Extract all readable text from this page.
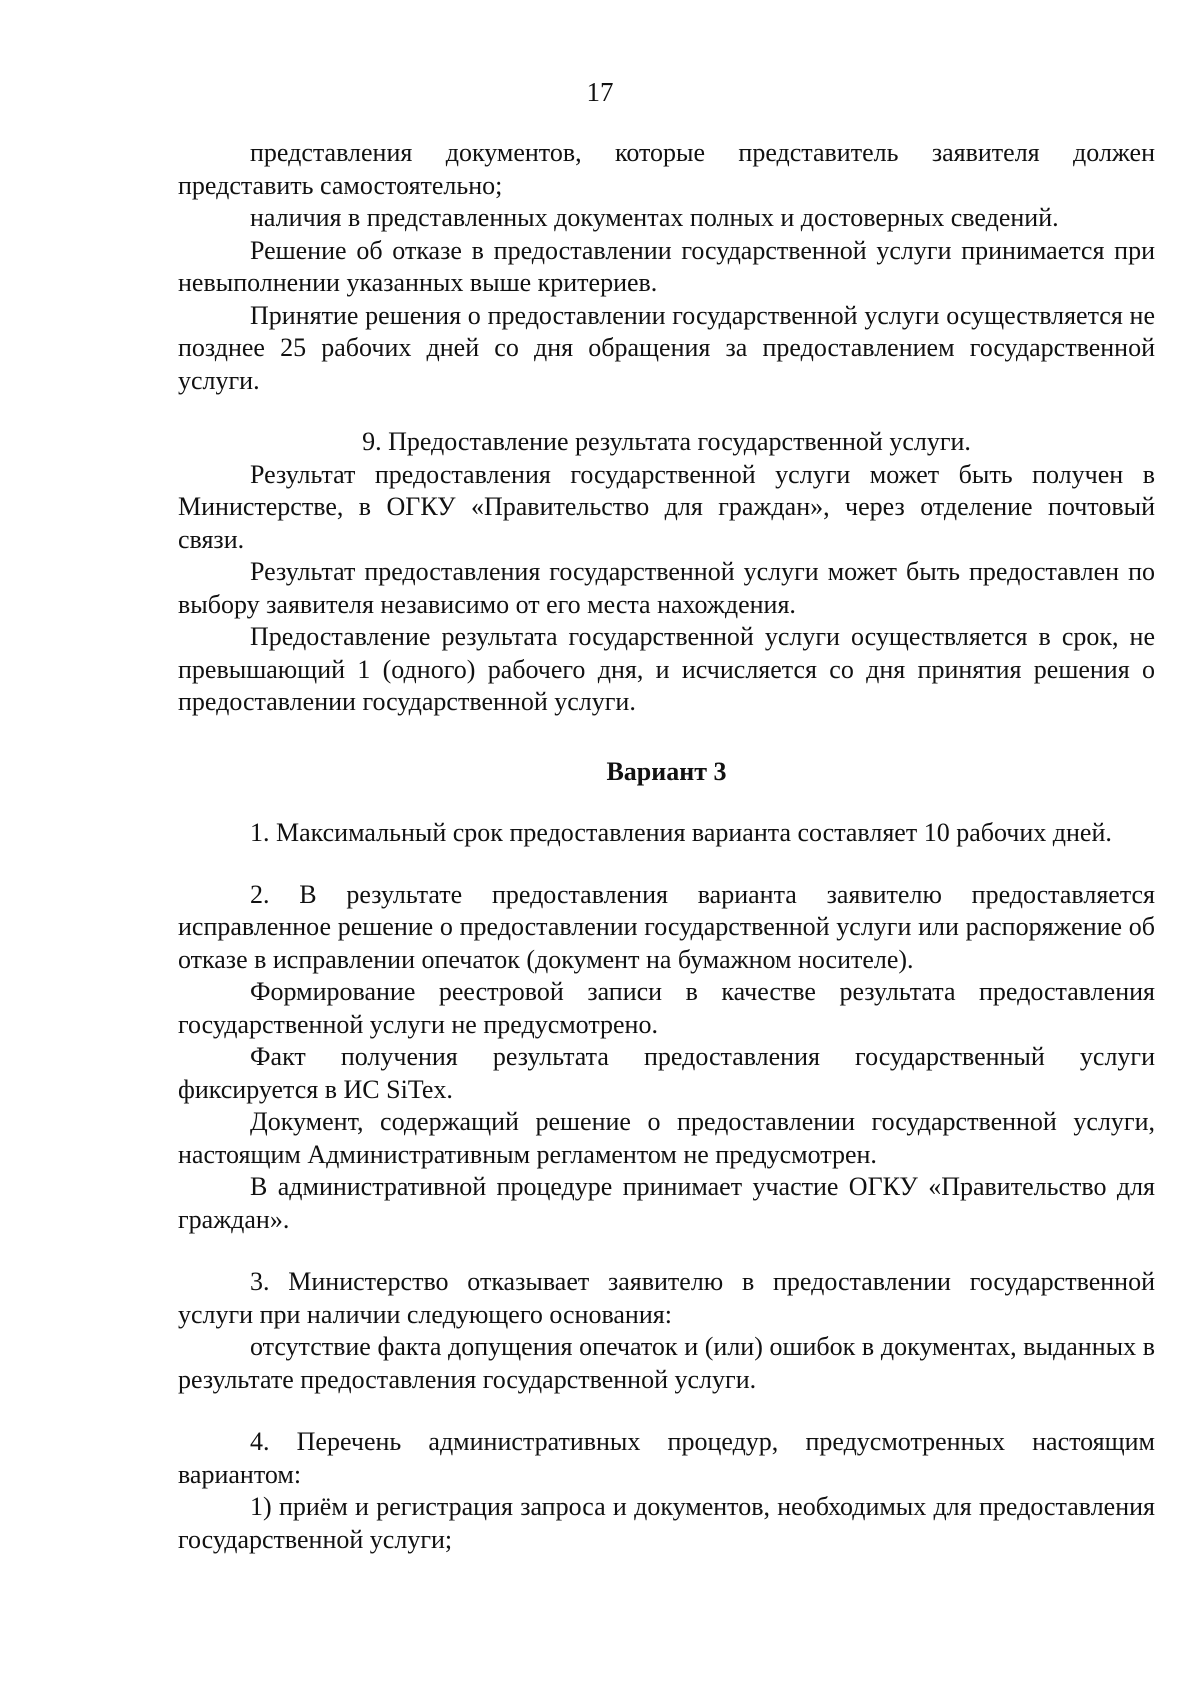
17

представления документов, которые представитель заявителя должен представить самостоятельно;

наличия в представленных документах полных и достоверных сведений.

Решение об отказе в предоставлении государственной услуги принимается при невыполнении указанных выше критериев.

Принятие решения о предоставлении государственной услуги осуществляется не позднее 25 рабочих дней со дня обращения за предоставлением государственной услуги.

9. Предоставление результата государственной услуги.

Результат предоставления государственной услуги может быть получен в Министерстве, в ОГКУ «Правительство для граждан», через отделение почтовый связи.

Результат предоставления государственной услуги может быть предоставлен по выбору заявителя независимо от его места нахождения.

Предоставление результата государственной услуги осуществляется в срок, не превышающий 1 (одного) рабочего дня, и исчисляется со дня принятия решения о предоставлении государственной услуги.

Вариант 3

1. Максимальный срок предоставления варианта составляет 10 рабочих дней.

2. В результате предоставления варианта заявителю предоставляется исправленное решение о предоставлении государственной услуги или распоряжение об отказе в исправлении опечаток (документ на бумажном носителе).

Формирование реестровой записи в качестве результата предоставления государственной услуги не предусмотрено.

Факт получения результата предоставления государственный услуги фиксируется в ИС SiTex.

Документ, содержащий решение о предоставлении государственной услуги, настоящим Административным регламентом не предусмотрен.

В административной процедуре принимает участие ОГКУ «Правительство для граждан».

3. Министерство отказывает заявителю в предоставлении государственной услуги при наличии следующего основания:

отсутствие факта допущения опечаток и (или) ошибок в документах, выданных в результате предоставления государственной услуги.

4. Перечень административных процедур, предусмотренных настоящим вариантом:

1) приём и регистрация запроса и документов, необходимых для предоставления государственной услуги;
